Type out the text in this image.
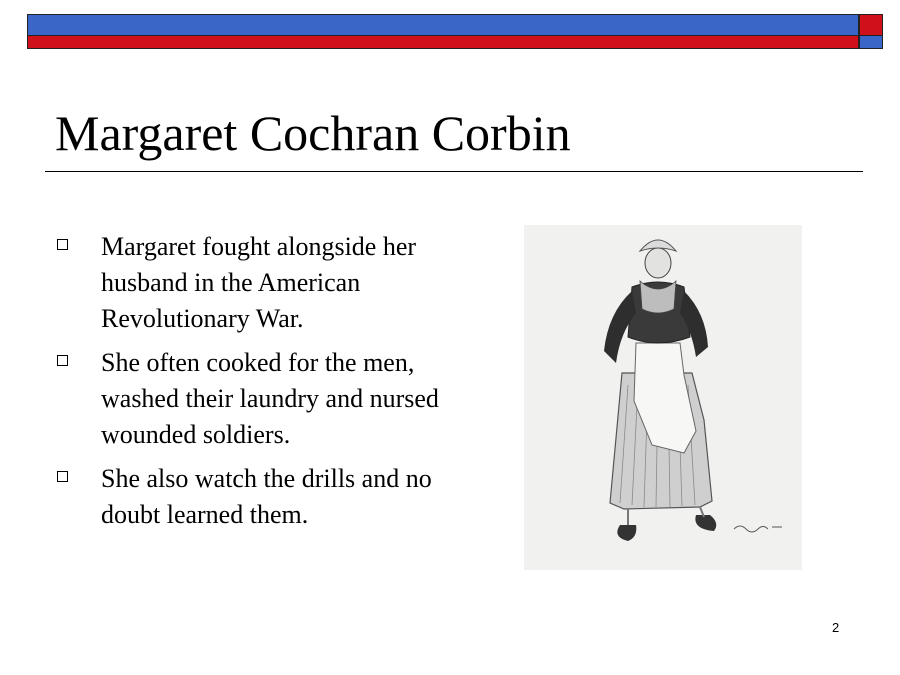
Margaret Cochran Corbin
Margaret fought alongside her husband in the American Revolutionary War.
She often cooked for the men, washed their laundry and nursed wounded soldiers.
She also watch the drills and no doubt learned them.
2
